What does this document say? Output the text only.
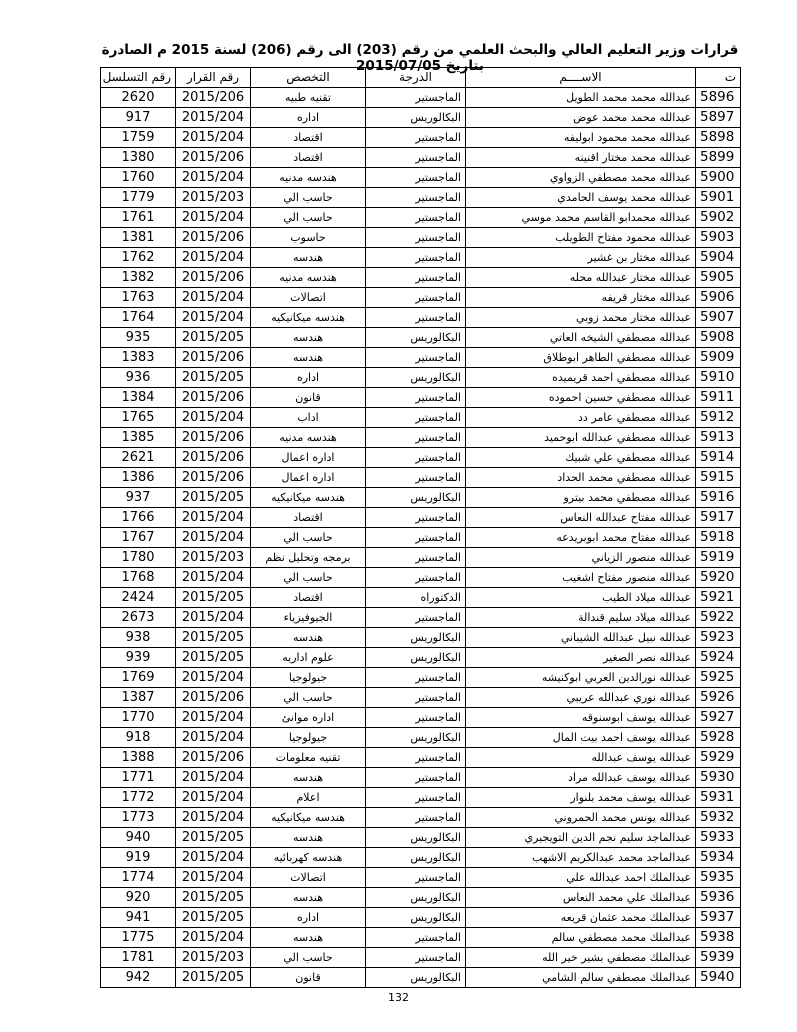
قرارات وزير التعليم العالي والبحث العلمي من رقم (203) الى رقم (206) لسنة 2015 م الصادرة بتاريخ 2015/07/05
ت	الاســــم	الدرجة	التخصص	رقم القرار	رقم التسلسل
5896	عبدالله محمد محمد الطويل	الماجستير	تقنيه طبيه	2015/206	2620
5897	عبدالله محمد محمد عوض	البكالوريس	اداره	2015/204	917
5898	عبدالله محمد محمود ابوليفه	الماجستير	اقتصاد	2015/204	1759
5899	عبدالله محمد مختار اقنينه	الماجستير	اقتصاد	2015/206	1380
5900	عبدالله محمد مصطفي الزواوي	الماجستير	هندسه مدنيه	2015/204	1760
5901	عبدالله محمد يوسف الحامدي	الماجستير	حاسب الي	2015/203	1779
5902	عبدالله محمدابو القاسم محمد موسي	الماجستير	حاسب الي	2015/204	1761
5903	عبدالله محمود مفتاح الطويلب	الماجستير	حاسوب	2015/206	1381
5904	عبدالله مختار بن غشير	الماجستير	هندسه	2015/204	1762
5905	عبدالله مختار عبدالله محله	الماجستير	هندسه مدنيه	2015/206	1382
5906	عبدالله مختار قريفه	الماجستير	اتصالات	2015/204	1763
5907	عبدالله مختار محمد زوبي	الماجستير	هندسه ميكانيكيه	2015/204	1764
5908	عبدالله مصطفي الشيخه العاتي	البكالوريس	هندسه	2015/205	935
5909	عبدالله مصطفي الطاهر ابوطلاق	الماجستير	هندسه	2015/206	1383
5910	عبدالله مصطفي احمد قريميده	البكالوريس	اداره	2015/205	936
5911	عبدالله مصطفي حسين احموده	الماجستير	قانون	2015/206	1384
5912	عبدالله مصطفي عامر دد	الماجستير	اداب	2015/204	1765
5913	عبدالله مصطفي عبدالله ابوحميد	الماجستير	هندسه مدنيه	2015/206	1385
5914	عبدالله مصطفي علي شبيك	الماجستير	اداره اعمال	2015/206	2621
5915	عبدالله مصطفي محمد الحداد	الماجستير	اداره اعمال	2015/206	1386
5916	عبدالله مصطفي محمد بيترو	البكالوريس	هندسه ميكانيكيه	2015/205	937
5917	عبدالله مفتاح عبدالله النعاس	الماجستير	اقتصاد	2015/204	1766
5918	عبدالله مفتاح محمد ابوبريدعه	الماجستير	حاسب الي	2015/204	1767
5919	عبدالله منصور الزياني	الماجستير	برمجه وتحليل نظم	2015/203	1780
5920	عبدالله منصور مفتاح اشغيب	الماجستير	حاسب الي	2015/204	1768
5921	عبدالله ميلاد الطيب	الدكتوراه	اقتصاد	2015/205	2424
5922	عبدالله ميلاد سليم قندالة	الماجستير	الجيوفيزياء	2015/204	2673
5923	عبدالله نبيل عبدالله الشيباني	البكالوريس	هندسه	2015/205	938
5924	عبدالله نصر الصغير	البكالوريس	علوم اداريه	2015/205	939
5925	عبدالله نورالدين العربي ابوكنيشه	الماجستير	جيولوجيا	2015/204	1769
5926	عبدالله نوري عبدالله عريبي	الماجستير	حاسب الي	2015/206	1387
5927	عبدالله يوسف ابوسنوقه	الماجستير	اداره موانئ	2015/204	1770
5928	عبدالله يوسف احمد بيت المال	البكالوريس	جيولوجيا	2015/204	918
5929	عبدالله يوسف عبدالله	الماجستير	تقنيه معلومات	2015/206	1388
5930	عبدالله يوسف عبدالله مراد	الماجستير	هندسه	2015/204	1771
5931	عبدالله يوسف محمد بلنوار	الماجستير	اعلام	2015/204	1772
5932	عبدالله يونس محمد الحمروني	الماجستير	هندسه ميكانيكيه	2015/204	1773
5933	عبدالماجد سليم نجم الدين التويجيري	البكالوريس	هندسه	2015/205	940
5934	عبدالماجد محمد عبدالكريم الاشهب	البكالوريس	هندسه كهربائيه	2015/204	919
5935	عبدالملك احمد عبدالله علي	الماجستير	اتصالات	2015/204	1774
5936	عبدالملك علي محمد النعاس	البكالوريس	هندسه	2015/205	920
5937	عبدالملك محمد عثمان قريعه	البكالوريس	اداره	2015/205	941
5938	عبدالملك محمد مصطفي سالم	الماجستير	هندسه	2015/204	1775
5939	عبدالملك مصطفي بشير خير الله	الماجستير	حاسب الي	2015/203	1781
5940	عبدالملك مصطفي سالم الشامي	البكالوريس	قانون	2015/205	942
132
